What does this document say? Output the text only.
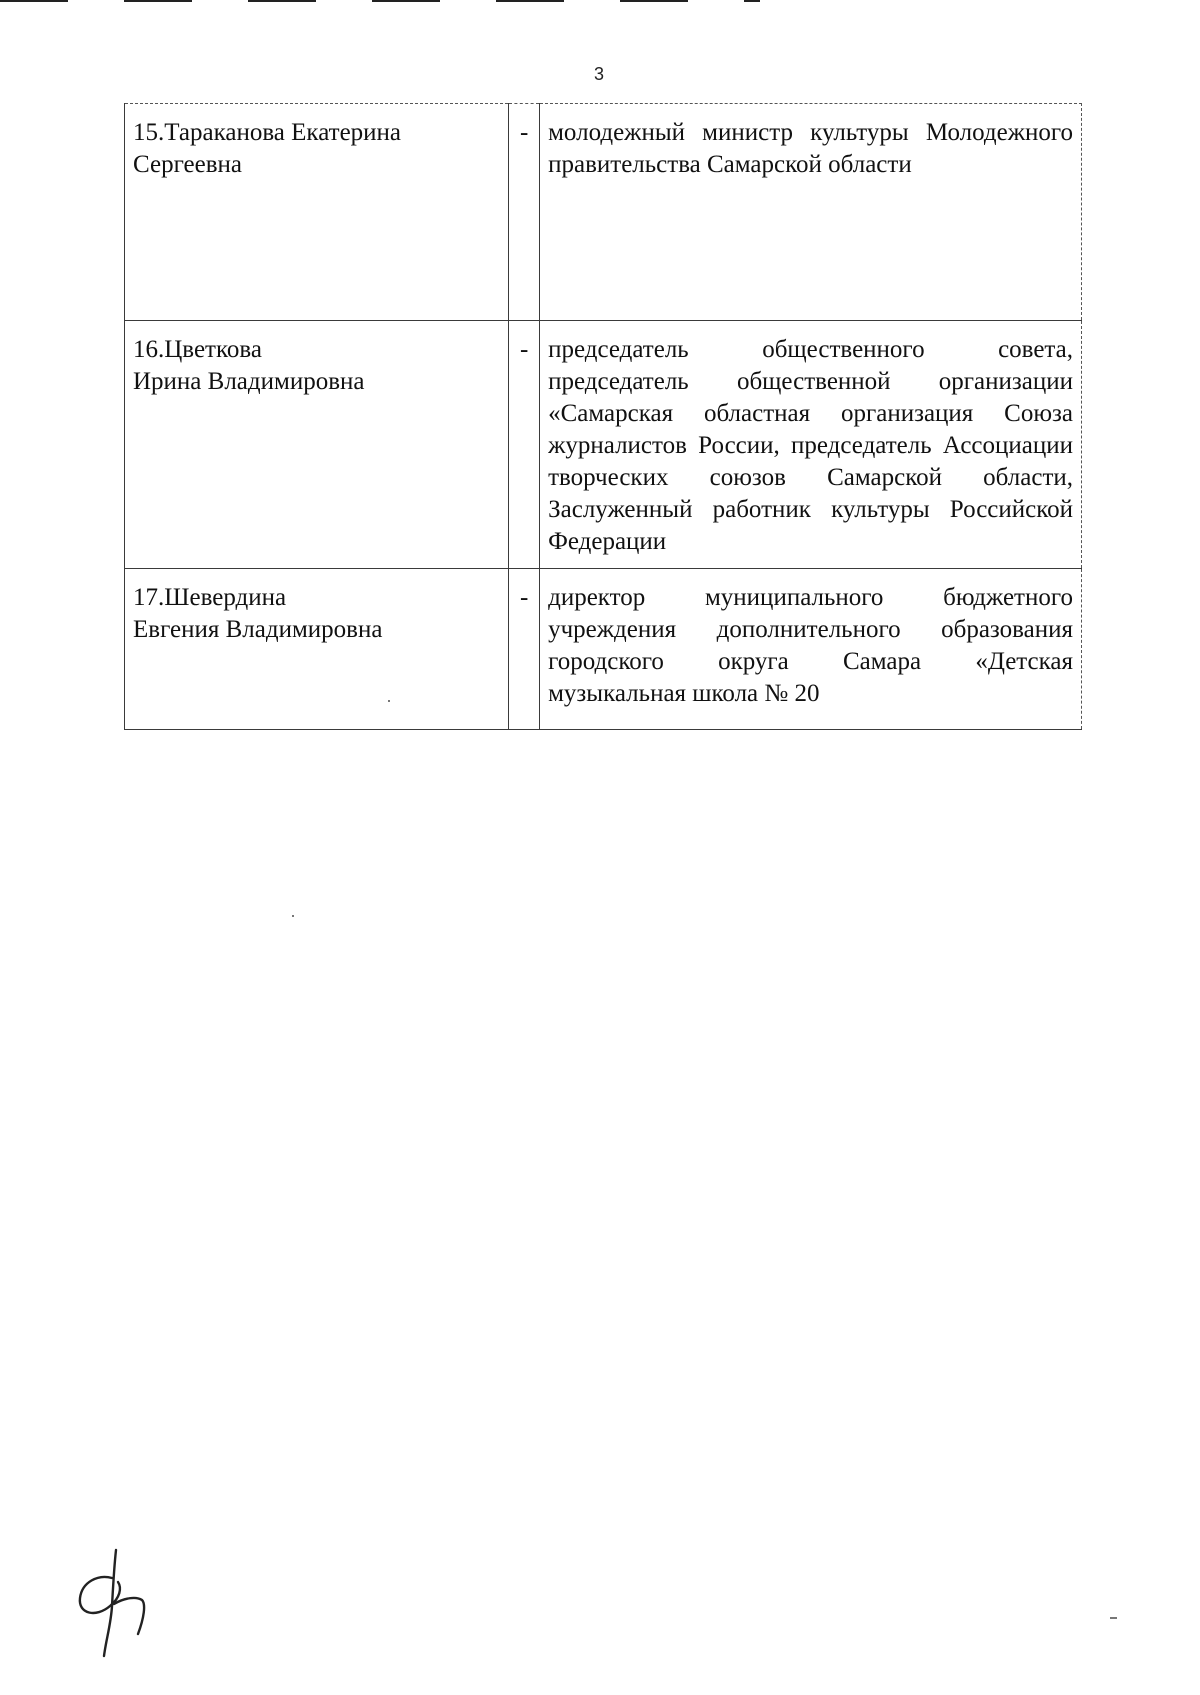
3
15.Тараканова Екатерина
Сергеевна	-	молодежный министр культуры Молодежного правительства Самарской области

16.Цветкова
Ирина Владимировна	-	председатель общественного совета, председатель общественной организации «Самарская областная организация Союза журналистов России, председатель Ассоциации творческих союзов Самарской области, Заслуженный работник культуры Российской Федерации

17.Шевердина
Евгения Владимировна	-	директор муниципального бюджетного учреждения дополнительного образования городского округа Самара «Детская музыкальная школа № 20
